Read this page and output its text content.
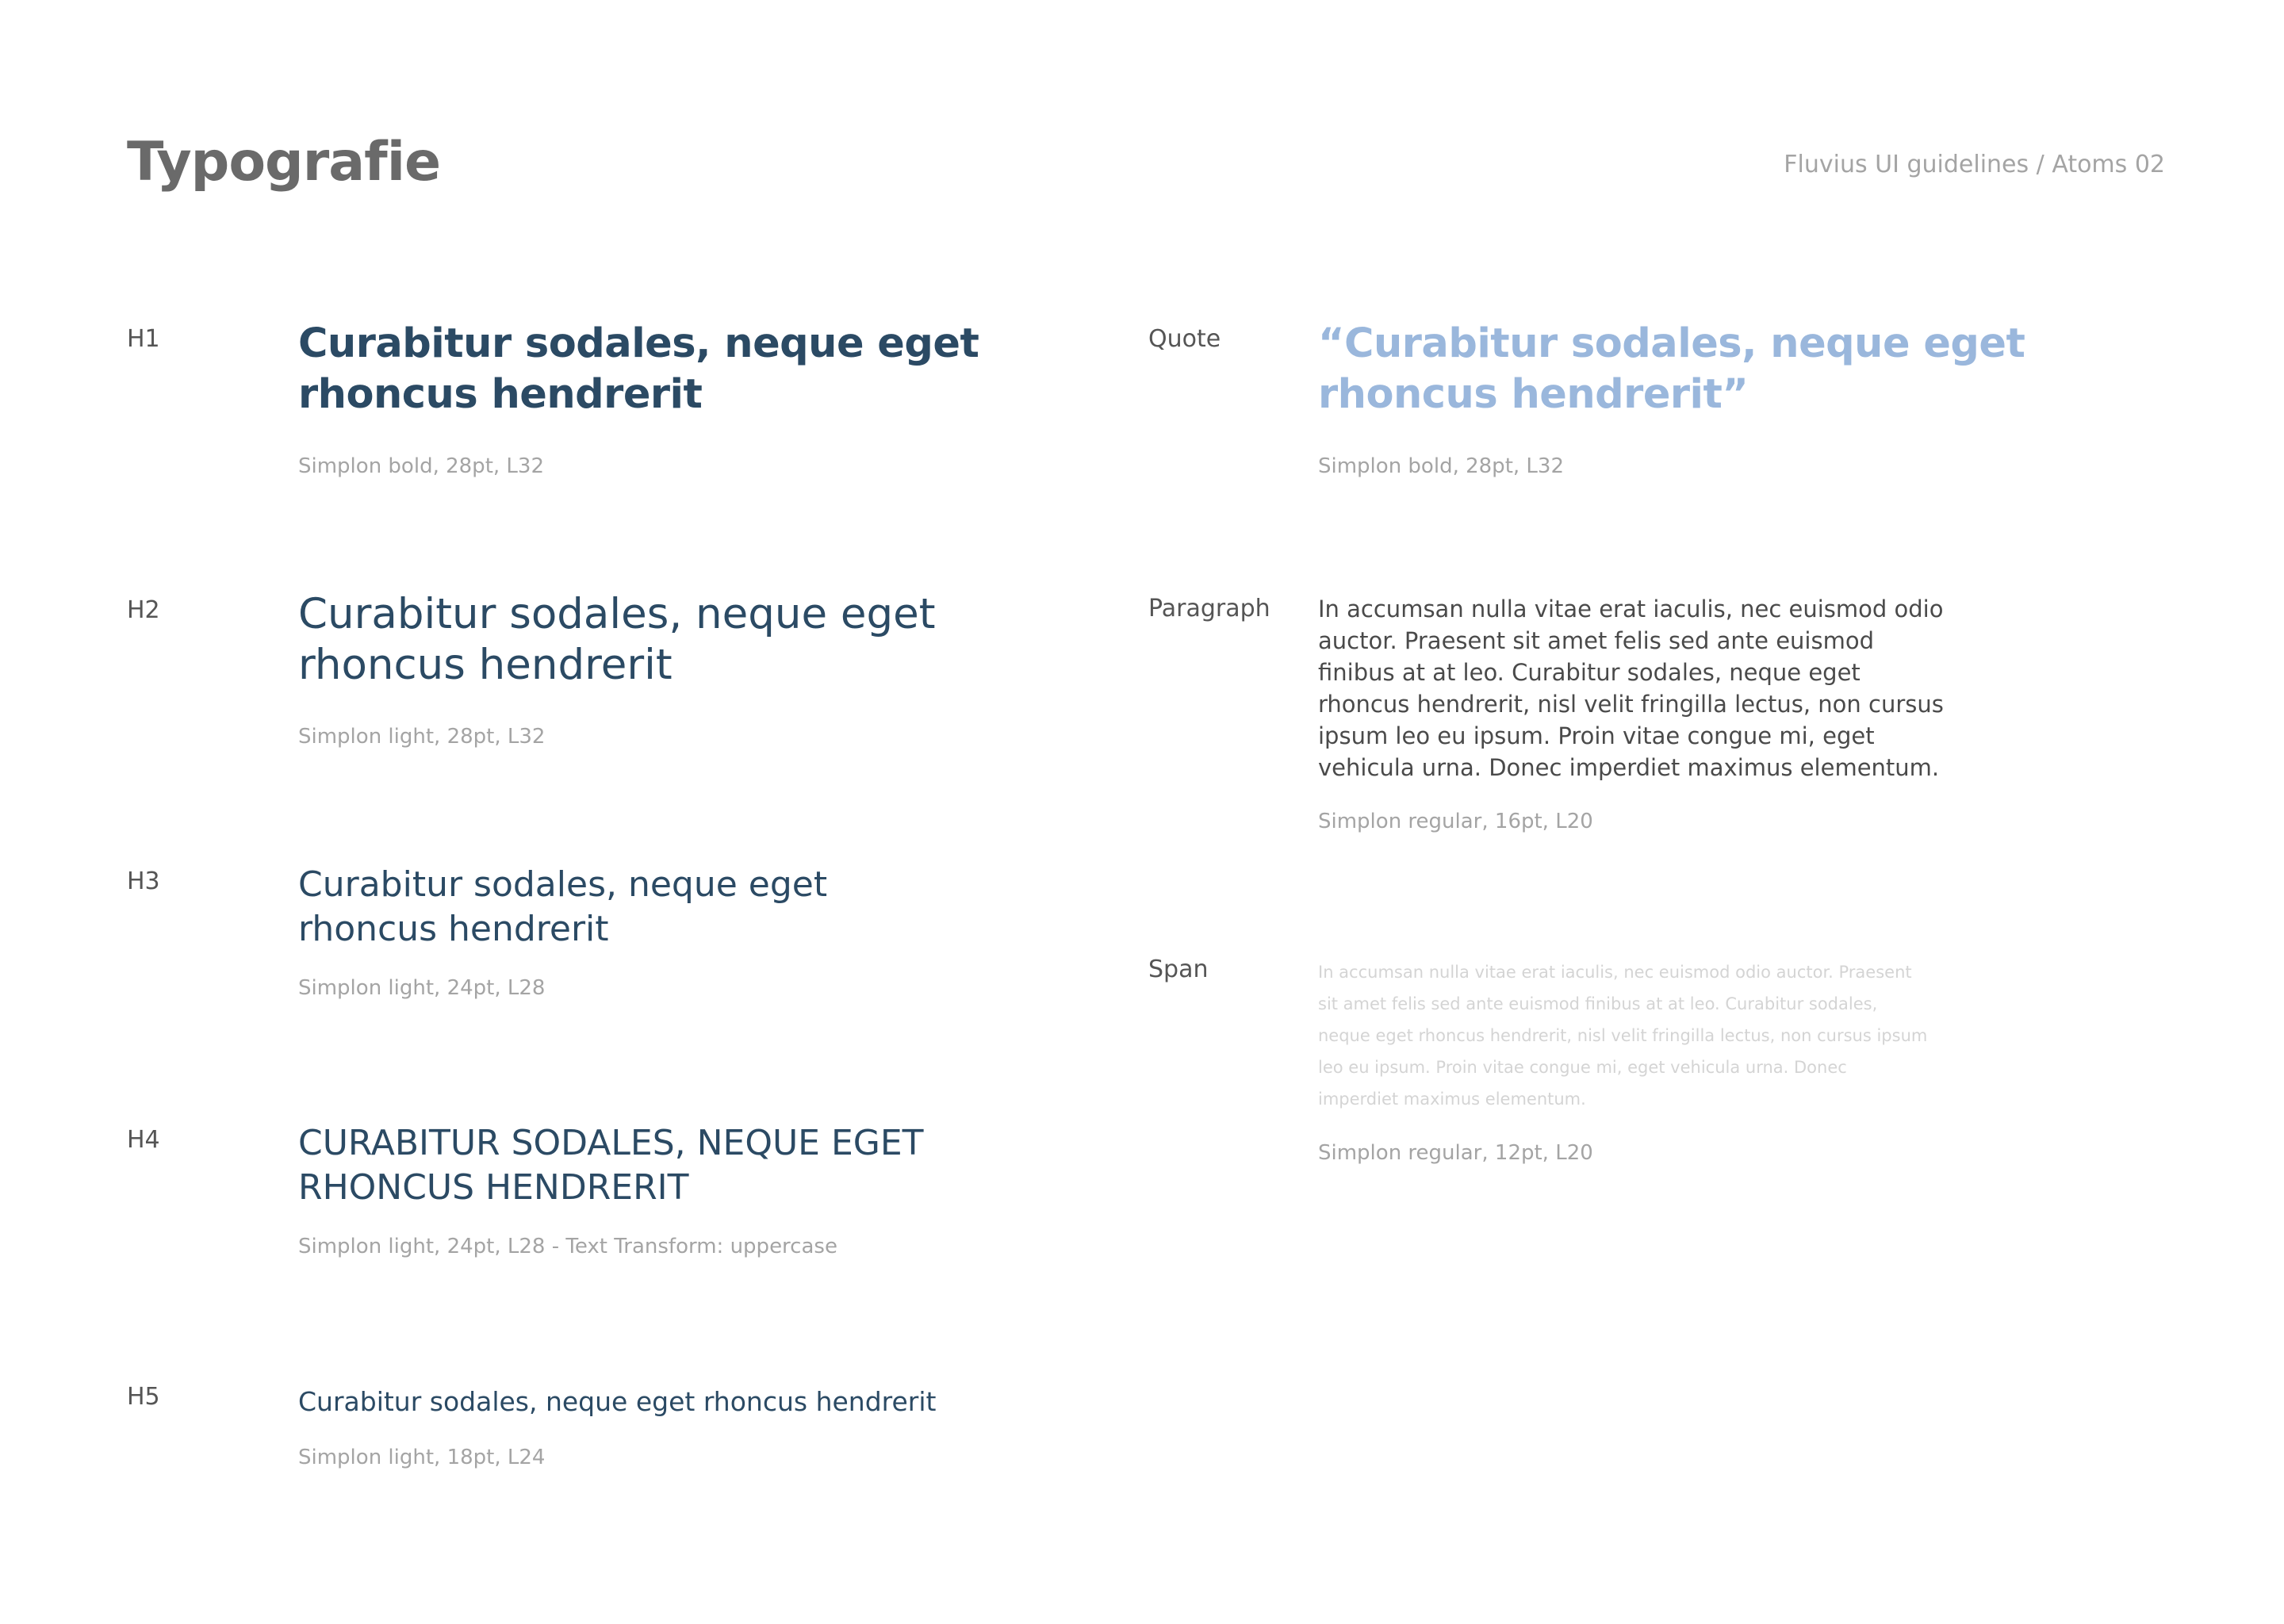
Typografie	Fluvius UI guidelines / Atoms 02
H1	Curabitur sodales, neque eget rhoncus hendrerit
Simplon bold, 28pt, L32
H2	Curabitur sodales, neque eget rhoncus hendrerit
Simplon light, 28pt, L32
H3	Curabitur sodales, neque eget rhoncus hendrerit
Simplon light, 24pt, L28
H4	CURABITUR SODALES, NEQUE EGET RHONCUS HENDRERIT
Simplon light, 24pt, L28 - Text Transform: uppercase
H5	Curabitur sodales, neque eget rhoncus hendrerit
Simplon light, 18pt, L24
Quote “Curabitur sodales, neque eget rhoncus hendrerit”
Simplon bold, 28pt, L32
Paragraph In accumsan nulla vitae erat iaculis, nec euismod odio auctor. Praesent sit amet felis sed ante euismod finibus at at leo. Curabitur sodales, neque eget rhoncus hendrerit, nisl velit fringilla lectus, non cursus ipsum leo eu ipsum. Proin vitae congue mi, eget vehicula urna. Donec imperdiet maximus elementum.
Simplon regular, 16pt, L20
Span	In accumsan nulla vitae erat iaculis, nec euismod odio auctor. Praesent sit amet felis sed ante euismod finibus at at leo. Curabitur sodales, neque eget rhoncus hendrerit, nisl velit fringilla lectus, non cursus ipsum leo eu ipsum. Proin vitae congue mi, eget vehicula urna. Donec imperdiet maximus elementum.
Simplon regular, 12pt, L20
